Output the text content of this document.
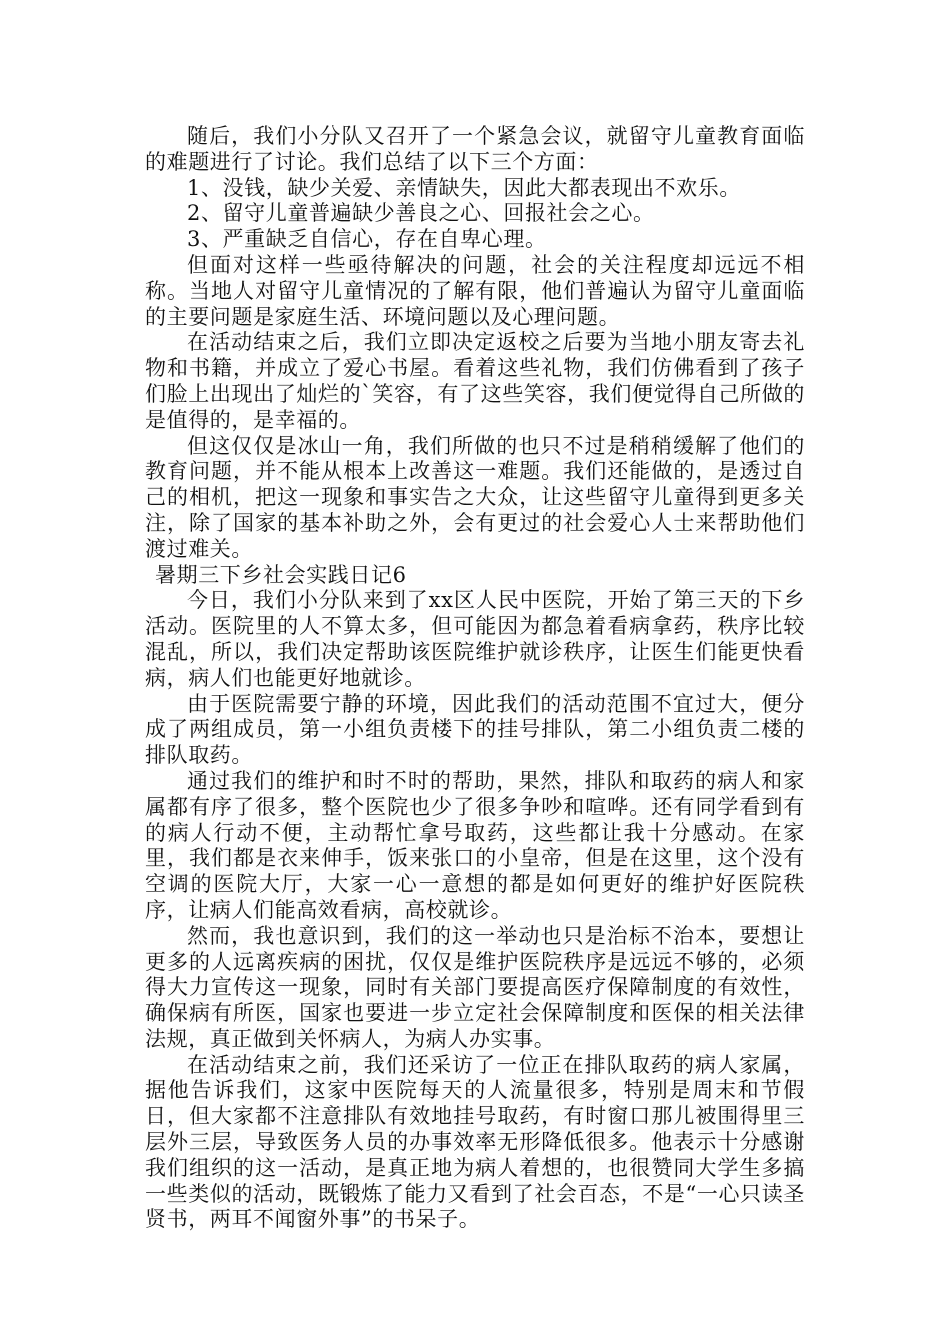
随后，我们小分队又召开了一个紧急会议，就留守儿童教育面临的难题进行了讨论。我们总结了以下三个方面：

1、没钱，缺少关爱、亲情缺失，因此大都表现出不欢乐。

2、留守儿童普遍缺少善良之心、回报社会之心。

3、严重缺乏自信心，存在自卑心理。

但面对这样一些亟待解决的问题，社会的关注程度却远远不相称。当地人对留守儿童情况的了解有限，他们普遍认为留守儿童面临的主要问题是家庭生活、环境问题以及心理问题。

在活动结束之后，我们立即决定返校之后要为当地小朋友寄去礼物和书籍，并成立了爱心书屋。看着这些礼物，我们仿佛看到了孩子们脸上出现出了灿烂的`笑容，有了这些笑容，我们便觉得自己所做的是值得的，是幸福的。

但这仅仅是冰山一角，我们所做的也只不过是稍稍缓解了他们的教育问题，并不能从根本上改善这一难题。我们还能做的，是透过自己的相机，把这一现象和事实告之大众，让这些留守儿童得到更多关注，除了国家的基本补助之外，会有更过的社会爱心人士来帮助他们渡过难关。

暑期三下乡社会实践日记6

今日，我们小分队来到了xx区人民中医院，开始了第三天的下乡活动。医院里的人不算太多，但可能因为都急着看病拿药，秩序比较混乱，所以，我们决定帮助该医院维护就诊秩序，让医生们能更快看病，病人们也能更好地就诊。

由于医院需要宁静的环境，因此我们的活动范围不宜过大，便分成了两组成员，第一小组负责楼下的挂号排队，第二小组负责二楼的排队取药。

通过我们的维护和时不时的帮助，果然，排队和取药的病人和家属都有序了很多，整个医院也少了很多争吵和喧哗。还有同学看到有的病人行动不便，主动帮忙拿号取药，这些都让我十分感动。在家里，我们都是衣来伸手，饭来张口的小皇帝，但是在这里，这个没有空调的医院大厅，大家一心一意想的都是如何更好的维护好医院秩序，让病人们能高效看病，高校就诊。

然而，我也意识到，我们的这一举动也只是治标不治本，要想让更多的人远离疾病的困扰，仅仅是维护医院秩序是远远不够的，必须得大力宣传这一现象，同时有关部门要提高医疗保障制度的有效性，确保病有所医，国家也要进一步立定社会保障制度和医保的相关法律法规，真正做到关怀病人，为病人办实事。

在活动结束之前，我们还采访了一位正在排队取药的病人家属，据他告诉我们，这家中医院每天的人流量很多，特别是周末和节假日，但大家都不注意排队有效地挂号取药，有时窗口那儿被围得里三层外三层，导致医务人员的办事效率无形降低很多。他表示十分感谢我们组织的这一活动，是真正地为病人着想的，也很赞同大学生多搞一些类似的活动，既锻炼了能力又看到了社会百态，不是“一心只读圣贤书，两耳不闻窗外事”的书呆子。
